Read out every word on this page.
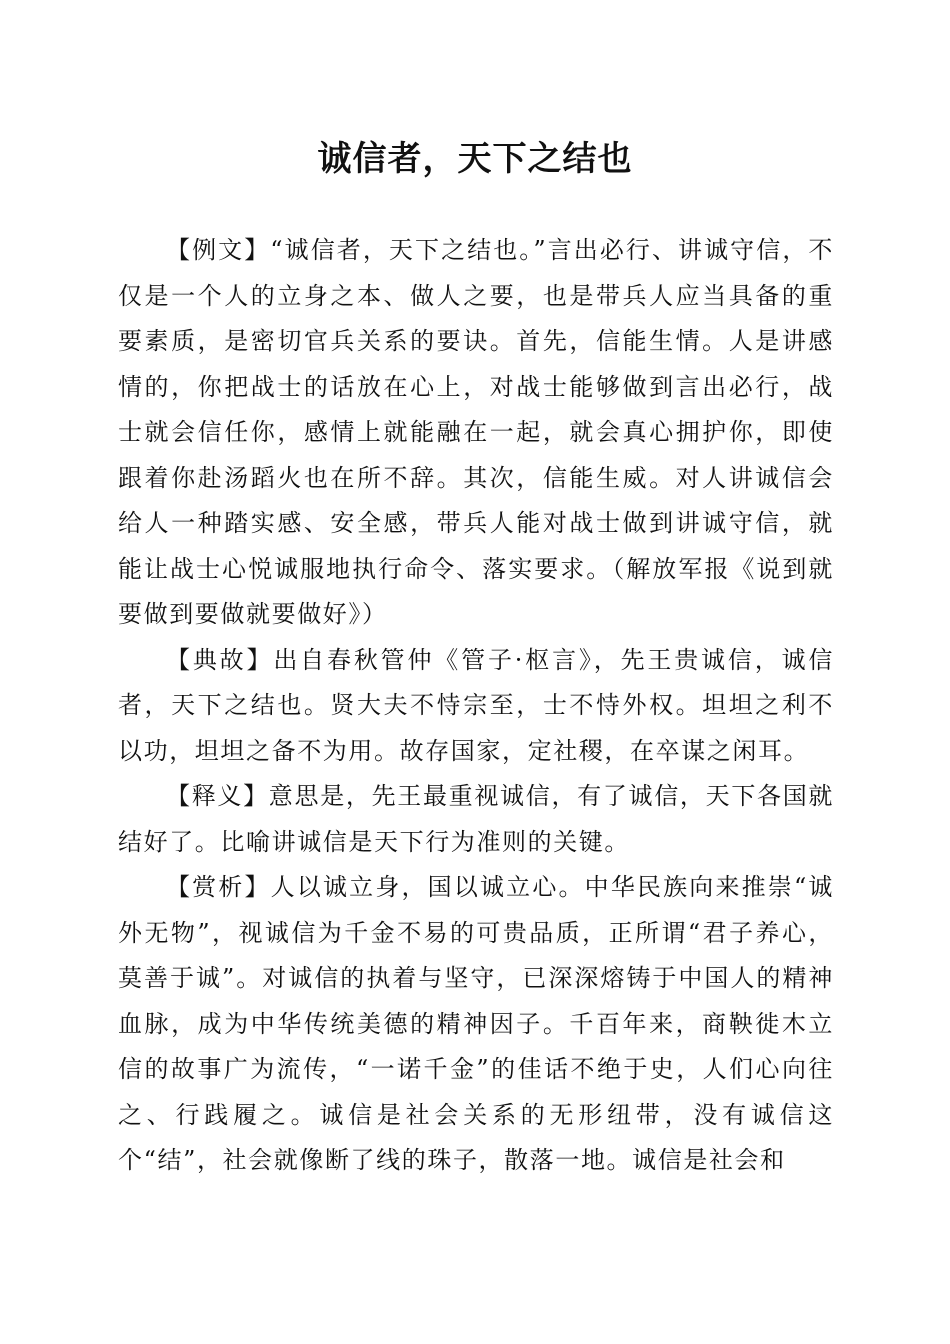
诚信者，天下之结也

【例文】“诚信者，天下之结也。”言出必行、讲诚守信，不仅是一个人的立身之本、做人之要，也是带兵人应当具备的重要素质，是密切官兵关系的要诀。首先，信能生情。人是讲感情的，你把战士的话放在心上，对战士能够做到言出必行，战士就会信任你，感情上就能融在一起，就会真心拥护你，即使跟着你赴汤蹈火也在所不辞。其次，信能生威。对人讲诚信会给人一种踏实感、安全感，带兵人能对战士做到讲诚守信，就能让战士心悦诚服地执行命令、落实要求。（解放军报《说到就要做到要做就要做好》）

【典故】出自春秋管仲《管子·枢言》，先王贵诚信，诚信者，天下之结也。贤大夫不恃宗至，士不恃外权。坦坦之利不以功，坦坦之备不为用。故存国家，定社稷，在卒谋之闲耳。

【释义】意思是，先王最重视诚信，有了诚信，天下各国就结好了。比喻讲诚信是天下行为准则的关键。

【赏析】人以诚立身，国以诚立心。中华民族向来推崇“诚外无物”，视诚信为千金不易的可贵品质，正所谓“君子养心，莫善于诚”。对诚信的执着与坚守，已深深熔铸于中国人的精神血脉，成为中华传统美德的精神因子。千百年来，商鞅徙木立信的故事广为流传，“一诺千金”的佳话不绝于史，人们心向往之、行践履之。诚信是社会关系的无形纽带，没有诚信这个“结”，社会就像断了线的珠子，散落一地。诚信是社会和
